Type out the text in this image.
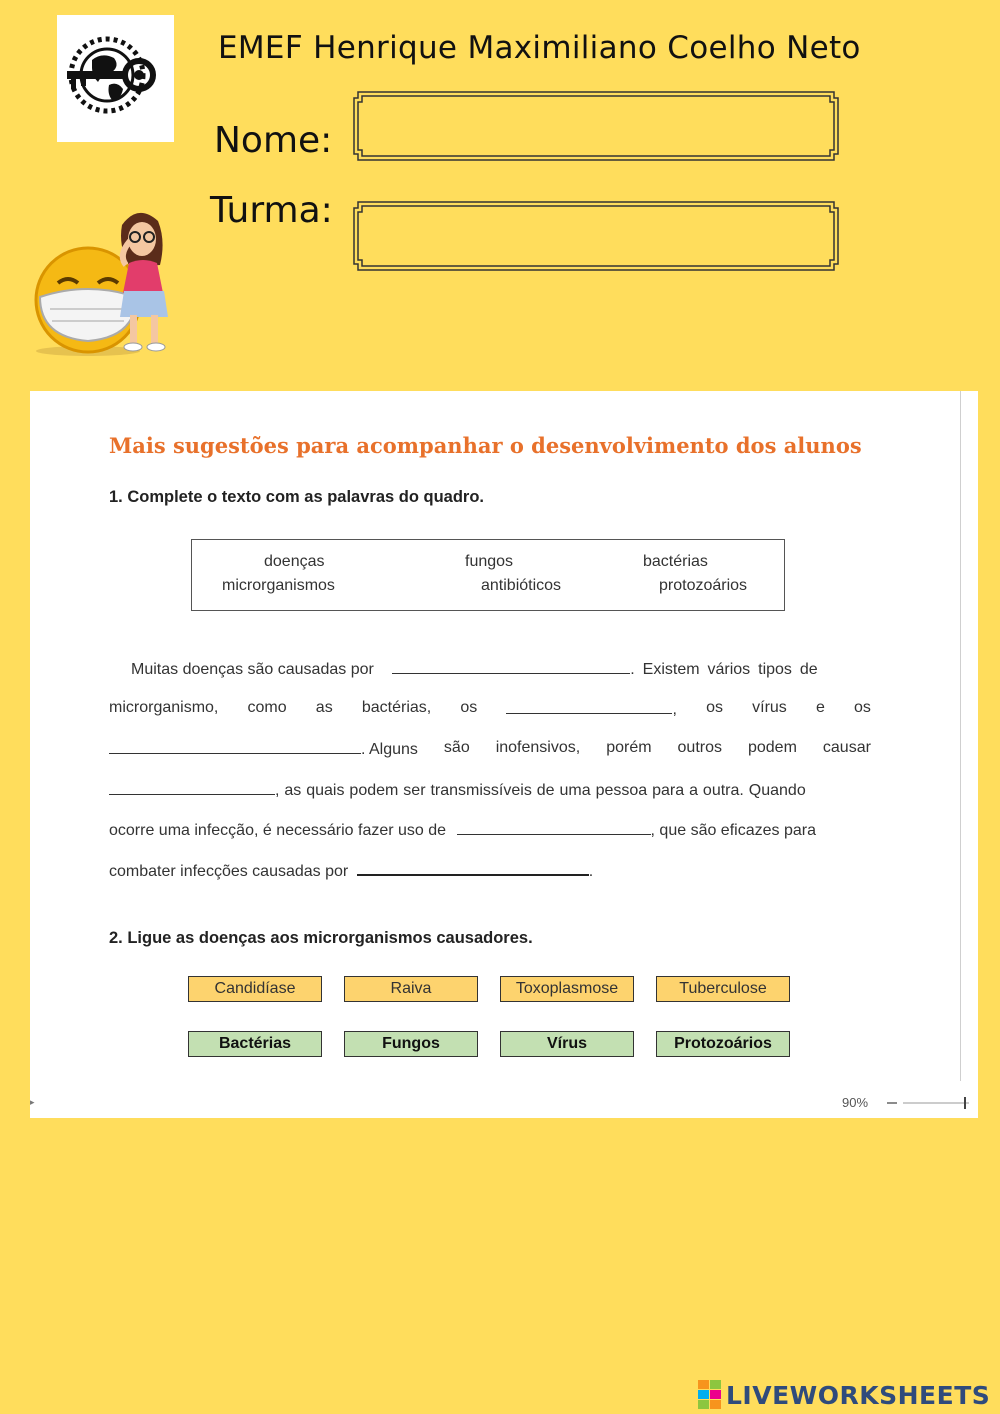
EMEF Henrique Maximiliano Coelho Neto
Nome:
Turma:
Mais sugestões para acompanhar o desenvolvimento dos alunos
1. Complete o texto com as palavras do quadro.
doenças	fungos	bactérias
microrganismos	antibióticos	protozoários
Muitas doenças são causadas por	. Existem vários tipos de
microrganismo, como as bactérias, os	, os vírus e os
. Alguns são inofensivos, porém outros podem causar
, as quais podem ser transmissíveis de uma pessoa para a outra. Quando
ocorre uma infecção, é necessário fazer uso de	, que são eficazes para
combater infecções causadas por	.
2. Ligue as doenças aos microrganismos causadores.
Candidíase	Raiva	Toxoplasmose	Tuberculose
Bactérias	Fungos	Vírus	Protozoários
▸	90%
LIVEWORKSHEETS
